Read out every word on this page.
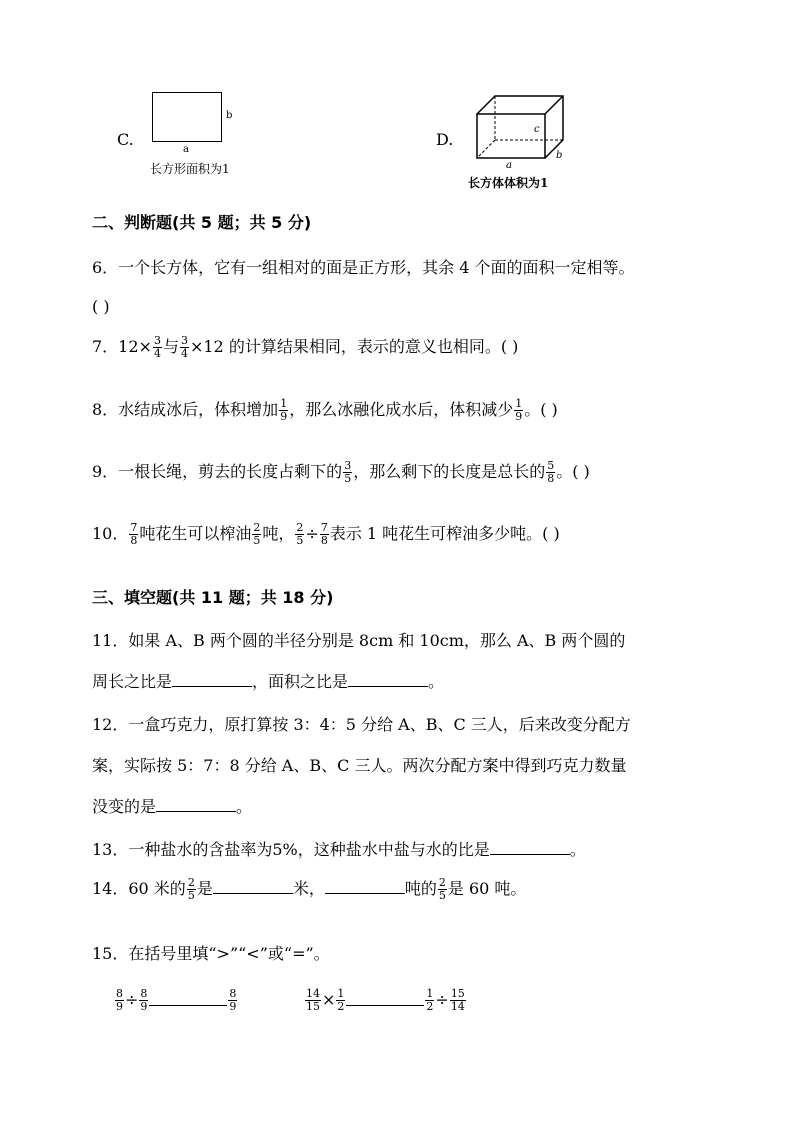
C.
b
a
长方形面积为1
D.
c
a
b
长方体体积为1
二、判断题(共 5 题；共 5 分)
6．一个长方体，它有一组相对的面是正方形，其余 4 个面的面积一定相等。
( )
7．$12\times \frac{3}{4}$ 与 $\frac{3}{4} \times 12$ 的计算结果相同，表示的意义也相同。( )
8．水结成冰后，体积增加 $\frac{1}{9}$ ，那么冰融化成水后，体积减少 $\frac{1}{9}$ 。( )
9．一根长绳，剪去的长度占剩下的 $\frac{3}{5}$ ，那么剩下的长度是总长的 $\frac{5}{8}$ 。( )
10． $\frac{7}{8}$ 吨花生可以榨油 $\frac{2}{5}$ 吨， $\frac{2}{5} \div \frac{7}{8}$ 表示 1 吨花生可榨油多少吨。( )
三、填空题(共 11 题；共 18 分)
11．如果 A、B 两个圆的半径分别是 8cm 和 10cm，那么 A、B 两个圆的
周长之比是	，面积之比是	。
12．一盒巧克力，原打算按 3：4：5 分给 A、B、C 三人，后来改变分配方
案，实际按 5：7：8 分给 A、B、C 三人。两次分配方案中得到巧克力数量
没变的是	。
13．一种盐水的含盐率为5%，这种盐水中盐与水的比是	。
14．60 米的 $\frac{2}{5}$ 是	米，	吨的 $\frac{2}{5}$ 是 60 吨。
15．在括号里填“>”“<”或“=”。
$\frac{8}{9} \div \frac{8}{9}$	$\frac{8}{9}$	$\frac{14}{15} \times \frac{1}{2}$	$\frac{1}{2} \div \frac{15}{14}$
